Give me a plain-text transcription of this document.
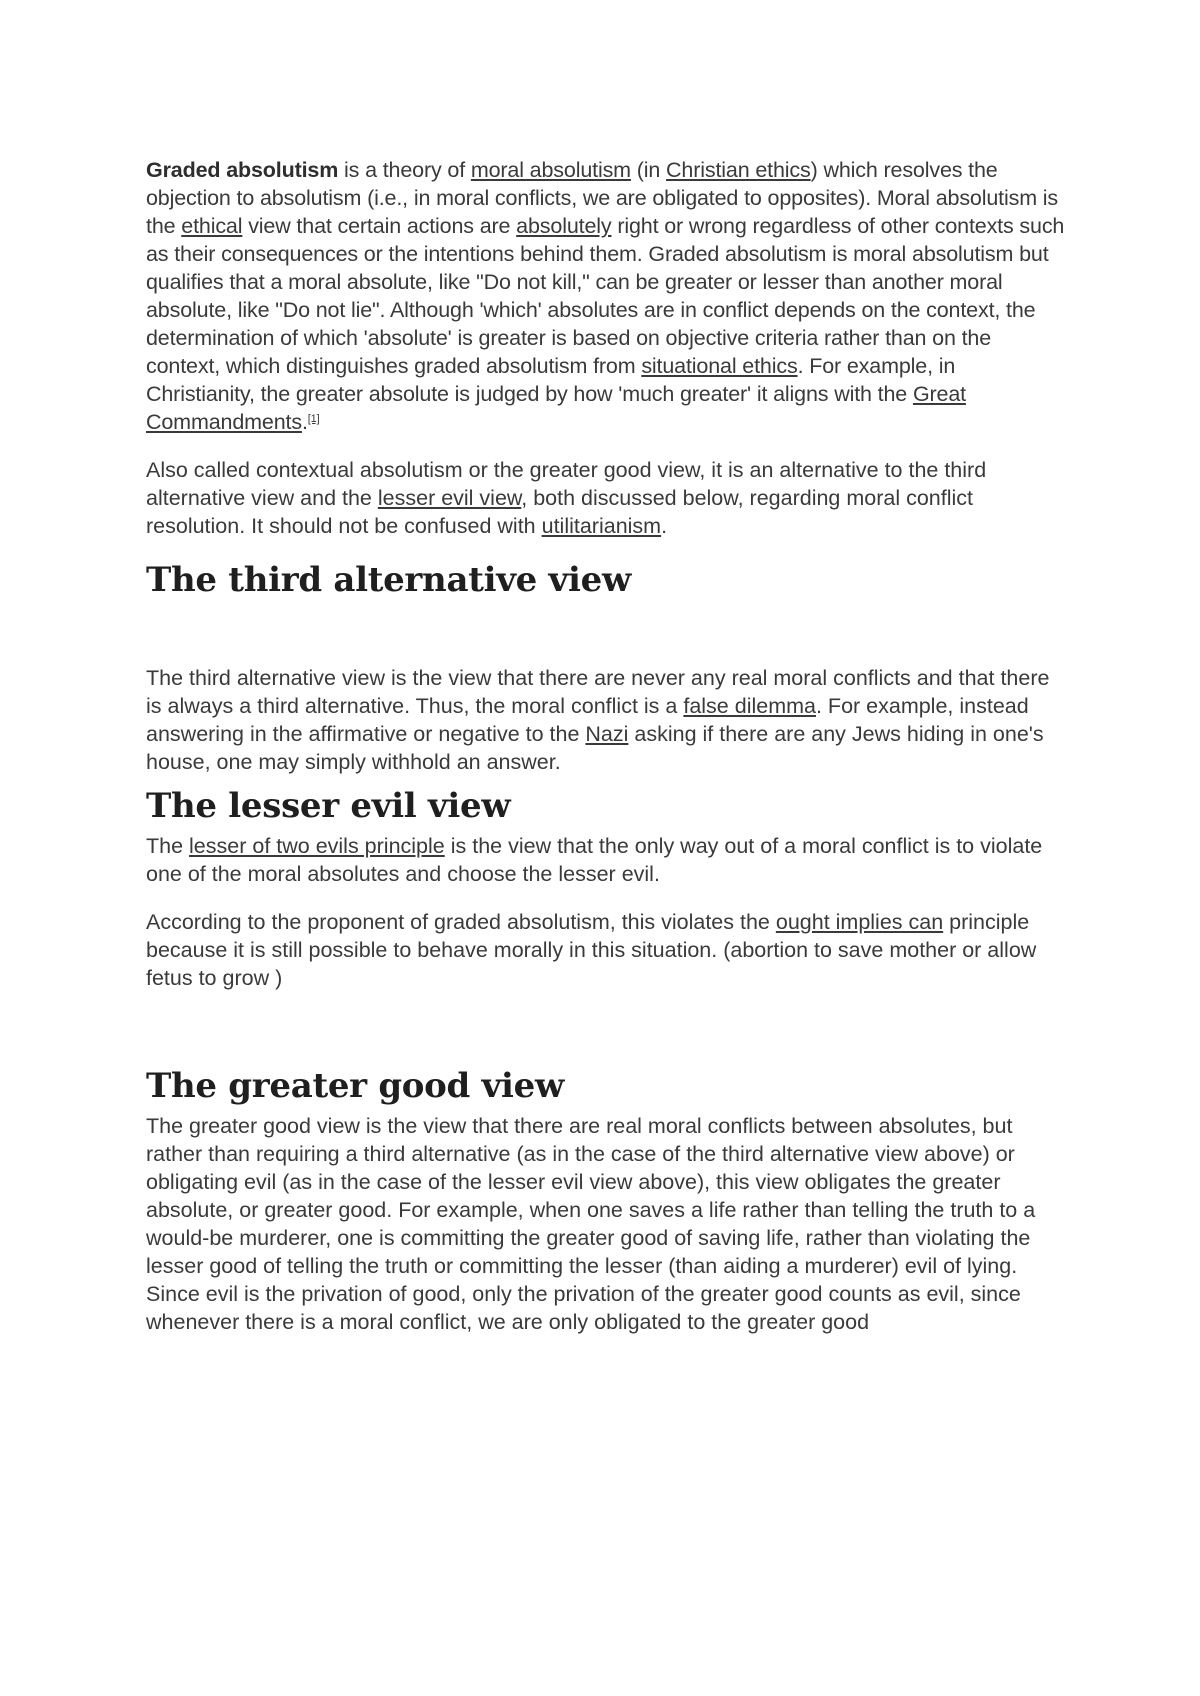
Graded absolutism is a theory of moral absolutism (in Christian ethics) which resolves the objection to absolutism (i.e., in moral conflicts, we are obligated to opposites). Moral absolutism is the ethical view that certain actions are absolutely right or wrong regardless of other contexts such as their consequences or the intentions behind them. Graded absolutism is moral absolutism but qualifies that a moral absolute, like "Do not kill," can be greater or lesser than another moral absolute, like "Do not lie". Although 'which' absolutes are in conflict depends on the context, the determination of which 'absolute' is greater is based on objective criteria rather than on the context, which distinguishes graded absolutism from situational ethics. For example, in Christianity, the greater absolute is judged by how 'much greater' it aligns with the Great Commandments.[1]

Also called contextual absolutism or the greater good view, it is an alternative to the third alternative view and the lesser evil view, both discussed below, regarding moral conflict resolution. It should not be confused with utilitarianism.

The third alternative view

The third alternative view is the view that there are never any real moral conflicts and that there is always a third alternative. Thus, the moral conflict is a false dilemma. For example, instead answering in the affirmative or negative to the Nazi asking if there are any Jews hiding in one's house, one may simply withhold an answer.

The lesser evil view

The lesser of two evils principle is the view that the only way out of a moral conflict is to violate one of the moral absolutes and choose the lesser evil.

According to the proponent of graded absolutism, this violates the ought implies can principle because it is still possible to behave morally in this situation. (abortion to save mother or allow fetus to grow )

The greater good view

The greater good view is the view that there are real moral conflicts between absolutes, but rather than requiring a third alternative (as in the case of the third alternative view above) or obligating evil (as in the case of the lesser evil view above), this view obligates the greater absolute, or greater good. For example, when one saves a life rather than telling the truth to a would-be murderer, one is committing the greater good of saving life, rather than violating the lesser good of telling the truth or committing the lesser (than aiding a murderer) evil of lying. Since evil is the privation of good, only the privation of the greater good counts as evil, since whenever there is a moral conflict, we are only obligated to the greater good
